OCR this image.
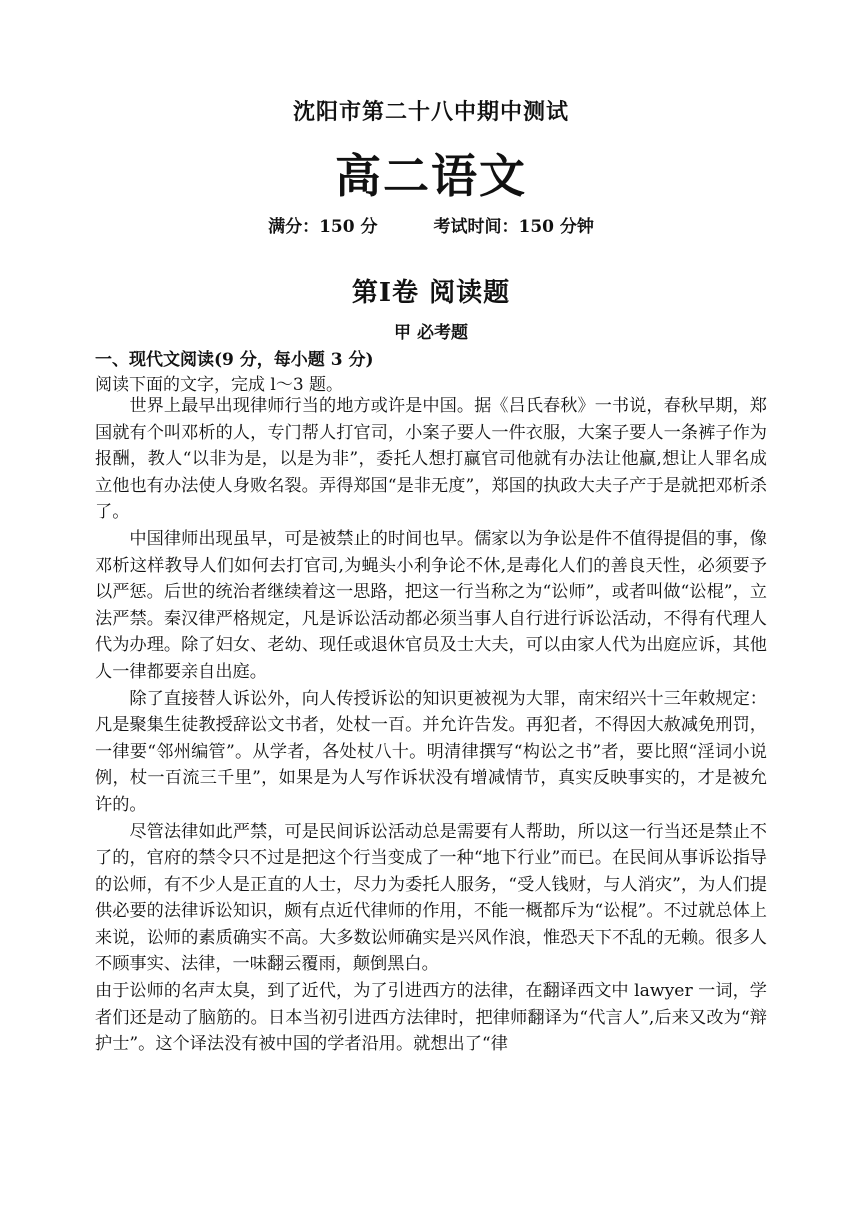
沈阳市第二十八中期中测试
高二语文
满分：150 分	考试时间：150 分钟
第Ⅰ卷 阅读题
甲 必考题
一、现代文阅读(9 分，每小题 3 分)
阅读下面的文字，完成 l～3 题。

世界上最早出现律师行当的地方或许是中国。据《吕氏春秋》一书说，春秋早期，郑国就有个叫邓析的人，专门帮人打官司，小案子要人一件衣服，大案子要人一条裤子作为报酬，教人“以非为是，以是为非”，委托人想打赢官司他就有办法让他赢,想让人罪名成立他也有办法使人身败名裂。弄得郑国“是非无度”，郑国的执政大夫子产于是就把邓析杀了。

中国律师出现虽早，可是被禁止的时间也早。儒家以为争讼是件不值得提倡的事，像邓析这样教导人们如何去打官司,为蝇头小利争论不休,是毒化人们的善良天性，必须要予以严惩。后世的统治者继续着这一思路，把这一行当称之为“讼师”，或者叫做“讼棍”，立法严禁。秦汉律严格规定，凡是诉讼活动都必须当事人自行进行诉讼活动，不得有代理人代为办理。除了妇女、老幼、现任或退休官员及士大夫，可以由家人代为出庭应诉，其他人一律都要亲自出庭。

除了直接替人诉讼外，向人传授诉讼的知识更被视为大罪，南宋绍兴十三年敕规定：凡是聚集生徒教授辞讼文书者，处杖一百。并允许告发。再犯者，不得因大赦减免刑罚，一律要“邻州编管”。从学者，各处杖八十。明清律撰写“构讼之书”者，要比照“淫词小说例，杖一百流三千里”，如果是为人写作诉状没有增减情节，真实反映事实的，才是被允许的。

尽管法律如此严禁，可是民间诉讼活动总是需要有人帮助，所以这一行当还是禁止不了的，官府的禁令只不过是把这个行当变成了一种“地下行业”而已。在民间从事诉讼指导的讼师，有不少人是正直的人士，尽力为委托人服务，“受人钱财，与人消灾”，为人们提供必要的法律诉讼知识，颇有点近代律师的作用，不能一概都斥为“讼棍”。不过就总体上来说，讼师的素质确实不高。大多数讼师确实是兴风作浪，惟恐天下不乱的无赖。很多人不顾事实、法律，一味翻云覆雨，颠倒黑白。

由于讼师的名声太臭，到了近代，为了引进西方的法律，在翻译西文中 lawyer 一词，学者们还是动了脑筋的。日本当初引进西方法律时，把律师翻译为“代言人”,后来又改为“辩护士”。这个译法没有被中国的学者沿用。就想出了“律
